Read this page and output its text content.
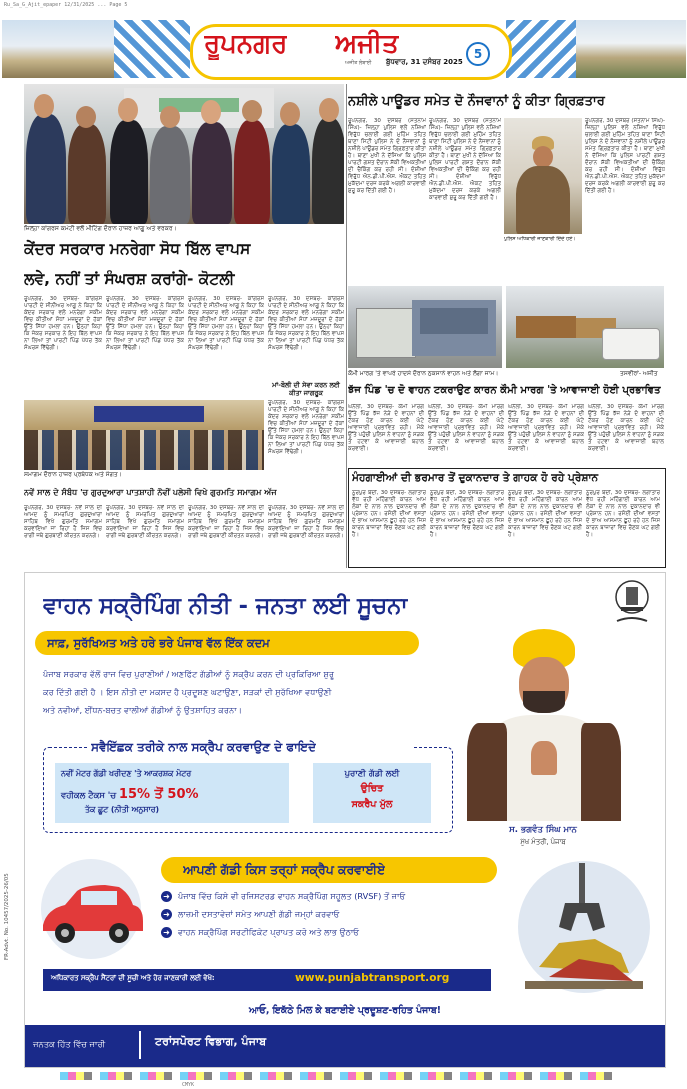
Ru_Sa_G_Ajit_epaper 12/31/2025 ... Page 5
ਰੂਪਨਗਰ ਅਜੀਤ
ਅਜੀਤ ਲੰਬਾਈ ਬੁੱਧਵਾਰ, 31 ਦਸੰਬਰ 2025
5
ਜ਼ਿਲ੍ਹਾ ਕਾਂਗਰਸ ਕਮੇਟੀ ਵਲੋਂ ਮੀਟਿੰਗ ਦੌਰਾਨ ਹਾਜ਼ਰ ਆਗੂ ਅਤੇ ਵਰਕਰ।
ਕੇਂਦਰ ਸਰਕਾਰ ਮਨਰੇਗਾ ਸੋਧ ਬਿੱਲ ਵਾਪਸ
ਲਵੇ, ਨਹੀਂ ਤਾਂ ਸੰਘਰਸ਼ ਕਰਾਂਗੇ- ਕੋਟਲੀ
ਰੂਪਨਗਰ, 30 ਦਸੰਬਰ- ਕਾਂਗਰਸ ਪਾਰਟੀ ਦੇ ਸੀਨੀਅਰ ਆਗੂ ਨੇ ਕਿਹਾ ਕਿ ਕੇਂਦਰ ਸਰਕਾਰ ਵਲੋਂ ਮਨਰੇਗਾ ਸਕੀਮ ਵਿਚ ਕੀਤੀਆਂ ਸੋਧਾਂ ਮਜ਼ਦੂਰਾਂ ਦੇ ਹੱਕਾਂ ਉੱਤੇ ਸਿੱਧਾ ਹਮਲਾ ਹਨ। ਉਨ੍ਹਾਂ ਕਿਹਾ ਕਿ ਜੇਕਰ ਸਰਕਾਰ ਨੇ ਇਹ ਬਿੱਲ ਵਾਪਸ ਨਾ ਲਿਆ ਤਾਂ ਪਾਰਟੀ ਪਿੰਡ ਪੱਧਰ ਤੱਕ ਸੰਘਰਸ਼ ਵਿੱਢੇਗੀ।
ਰੂਪਨਗਰ, 30 ਦਸੰਬਰ- ਕਾਂਗਰਸ ਪਾਰਟੀ ਦੇ ਸੀਨੀਅਰ ਆਗੂ ਨੇ ਕਿਹਾ ਕਿ ਕੇਂਦਰ ਸਰਕਾਰ ਵਲੋਂ ਮਨਰੇਗਾ ਸਕੀਮ ਵਿਚ ਕੀਤੀਆਂ ਸੋਧਾਂ ਮਜ਼ਦੂਰਾਂ ਦੇ ਹੱਕਾਂ ਉੱਤੇ ਸਿੱਧਾ ਹਮਲਾ ਹਨ। ਉਨ੍ਹਾਂ ਕਿਹਾ ਕਿ ਜੇਕਰ ਸਰਕਾਰ ਨੇ ਇਹ ਬਿੱਲ ਵਾਪਸ ਨਾ ਲਿਆ ਤਾਂ ਪਾਰਟੀ ਪਿੰਡ ਪੱਧਰ ਤੱਕ ਸੰਘਰਸ਼ ਵਿੱਢੇਗੀ।
ਰੂਪਨਗਰ, 30 ਦਸੰਬਰ- ਕਾਂਗਰਸ ਪਾਰਟੀ ਦੇ ਸੀਨੀਅਰ ਆਗੂ ਨੇ ਕਿਹਾ ਕਿ ਕੇਂਦਰ ਸਰਕਾਰ ਵਲੋਂ ਮਨਰੇਗਾ ਸਕੀਮ ਵਿਚ ਕੀਤੀਆਂ ਸੋਧਾਂ ਮਜ਼ਦੂਰਾਂ ਦੇ ਹੱਕਾਂ ਉੱਤੇ ਸਿੱਧਾ ਹਮਲਾ ਹਨ। ਉਨ੍ਹਾਂ ਕਿਹਾ ਕਿ ਜੇਕਰ ਸਰਕਾਰ ਨੇ ਇਹ ਬਿੱਲ ਵਾਪਸ ਨਾ ਲਿਆ ਤਾਂ ਪਾਰਟੀ ਪਿੰਡ ਪੱਧਰ ਤੱਕ ਸੰਘਰਸ਼ ਵਿੱਢੇਗੀ।
ਰੂਪਨਗਰ, 30 ਦਸੰਬਰ- ਕਾਂਗਰਸ ਪਾਰਟੀ ਦੇ ਸੀਨੀਅਰ ਆਗੂ ਨੇ ਕਿਹਾ ਕਿ ਕੇਂਦਰ ਸਰਕਾਰ ਵਲੋਂ ਮਨਰੇਗਾ ਸਕੀਮ ਵਿਚ ਕੀਤੀਆਂ ਸੋਧਾਂ ਮਜ਼ਦੂਰਾਂ ਦੇ ਹੱਕਾਂ ਉੱਤੇ ਸਿੱਧਾ ਹਮਲਾ ਹਨ। ਉਨ੍ਹਾਂ ਕਿਹਾ ਕਿ ਜੇਕਰ ਸਰਕਾਰ ਨੇ ਇਹ ਬਿੱਲ ਵਾਪਸ ਨਾ ਲਿਆ ਤਾਂ ਪਾਰਟੀ ਪਿੰਡ ਪੱਧਰ ਤੱਕ ਸੰਘਰਸ਼ ਵਿੱਢੇਗੀ।
ਮਾਂ-ਬੋਲੀ ਦੀ ਸੇਵਾ ਕਰਨ ਲਈ ਕੀਤਾ ਜਾਗਰੂਕ
ਰੂਪਨਗਰ, 30 ਦਸੰਬਰ- ਕਾਂਗਰਸ ਪਾਰਟੀ ਦੇ ਸੀਨੀਅਰ ਆਗੂ ਨੇ ਕਿਹਾ ਕਿ ਕੇਂਦਰ ਸਰਕਾਰ ਵਲੋਂ ਮਨਰੇਗਾ ਸਕੀਮ ਵਿਚ ਕੀਤੀਆਂ ਸੋਧਾਂ ਮਜ਼ਦੂਰਾਂ ਦੇ ਹੱਕਾਂ ਉੱਤੇ ਸਿੱਧਾ ਹਮਲਾ ਹਨ। ਉਨ੍ਹਾਂ ਕਿਹਾ ਕਿ ਜੇਕਰ ਸਰਕਾਰ ਨੇ ਇਹ ਬਿੱਲ ਵਾਪਸ ਨਾ ਲਿਆ ਤਾਂ ਪਾਰਟੀ ਪਿੰਡ ਪੱਧਰ ਤੱਕ ਸੰਘਰਸ਼ ਵਿੱਢੇਗੀ।
ਸਮਾਗਮ ਦੌਰਾਨ ਹਾਜ਼ਰ ਪ੍ਰਬੰਧਕ ਅਤੇ ਸੰਗਤ।
ਨਵੇਂ ਸਾਲ ਦੇ ਸੰਬੰਧ 'ਚ ਗੁਰਦੁਆਰਾ ਪਾਤਸ਼ਾਹੀ ਨੌਵੀਂ ਪਲੇਸੀ ਵਿਖੇ ਗੁਰਮਤਿ ਸਮਾਗਮ ਅੱਜ
ਰੂਪਨਗਰ, 30 ਦਸੰਬਰ- ਨਵੇਂ ਸਾਲ ਦੀ ਆਮਦ ਨੂੰ ਸਮਰਪਿਤ ਗੁਰਦੁਆਰਾ ਸਾਹਿਬ ਵਿਖੇ ਗੁਰਮਤਿ ਸਮਾਗਮ ਕਰਵਾਇਆ ਜਾ ਰਿਹਾ ਹੈ ਜਿਸ ਵਿਚ ਰਾਗੀ ਜਥੇ ਗੁਰਬਾਣੀ ਕੀਰਤਨ ਕਰਨਗੇ।
ਰੂਪਨਗਰ, 30 ਦਸੰਬਰ- ਨਵੇਂ ਸਾਲ ਦੀ ਆਮਦ ਨੂੰ ਸਮਰਪਿਤ ਗੁਰਦੁਆਰਾ ਸਾਹਿਬ ਵਿਖੇ ਗੁਰਮਤਿ ਸਮਾਗਮ ਕਰਵਾਇਆ ਜਾ ਰਿਹਾ ਹੈ ਜਿਸ ਵਿਚ ਰਾਗੀ ਜਥੇ ਗੁਰਬਾਣੀ ਕੀਰਤਨ ਕਰਨਗੇ।
ਰੂਪਨਗਰ, 30 ਦਸੰਬਰ- ਨਵੇਂ ਸਾਲ ਦੀ ਆਮਦ ਨੂੰ ਸਮਰਪਿਤ ਗੁਰਦੁਆਰਾ ਸਾਹਿਬ ਵਿਖੇ ਗੁਰਮਤਿ ਸਮਾਗਮ ਕਰਵਾਇਆ ਜਾ ਰਿਹਾ ਹੈ ਜਿਸ ਵਿਚ ਰਾਗੀ ਜਥੇ ਗੁਰਬਾਣੀ ਕੀਰਤਨ ਕਰਨਗੇ।
ਰੂਪਨਗਰ, 30 ਦਸੰਬਰ- ਨਵੇਂ ਸਾਲ ਦੀ ਆਮਦ ਨੂੰ ਸਮਰਪਿਤ ਗੁਰਦੁਆਰਾ ਸਾਹਿਬ ਵਿਖੇ ਗੁਰਮਤਿ ਸਮਾਗਮ ਕਰਵਾਇਆ ਜਾ ਰਿਹਾ ਹੈ ਜਿਸ ਵਿਚ ਰਾਗੀ ਜਥੇ ਗੁਰਬਾਣੀ ਕੀਰਤਨ ਕਰਨਗੇ।
ਨਸ਼ੀਲੇ ਪਾਊਡਰ ਸਮੇਤ ਦੋ ਨੌਜਵਾਨਾਂ ਨੂੰ ਕੀਤਾ ਗ੍ਰਿਫ਼ਤਾਰ
ਰੂਪਨਗਰ, 30 ਦਸੰਬਰ (ਸਤਨਾਮ ਸਿੰਘ)- ਜ਼ਿਲ੍ਹਾ ਪੁਲਿਸ ਵਲੋਂ ਨਸ਼ਿਆਂ ਵਿਰੁੱਧ ਚਲਾਈ ਗਈ ਮੁਹਿੰਮ ਤਹਿਤ ਥਾਣਾ ਸਿਟੀ ਪੁਲਿਸ ਨੇ ਦੋ ਨੌਜਵਾਨਾਂ ਨੂੰ ਨਸ਼ੀਲੇ ਪਾਊਡਰ ਸਮੇਤ ਗ੍ਰਿਫ਼ਤਾਰ ਕੀਤਾ ਹੈ। ਥਾਣਾ ਮੁਖੀ ਨੇ ਦੱਸਿਆ ਕਿ ਪੁਲਿਸ ਪਾਰਟੀ ਗਸ਼ਤ ਦੌਰਾਨ ਸ਼ੱਕੀ ਵਿਅਕਤੀਆਂ ਦੀ ਚੈਕਿੰਗ ਕਰ ਰਹੀ ਸੀ। ਦੋਸ਼ੀਆਂ ਵਿਰੁੱਧ ਐਨ.ਡੀ.ਪੀ.ਐਸ. ਐਕਟ ਤਹਿਤ ਮੁਕੱਦਮਾ ਦਰਜ ਕਰਕੇ ਅਗਲੀ ਕਾਰਵਾਈ ਸ਼ੁਰੂ ਕਰ ਦਿੱਤੀ ਗਈ ਹੈ।
ਰੂਪਨਗਰ, 30 ਦਸੰਬਰ (ਸਤਨਾਮ ਸਿੰਘ)- ਜ਼ਿਲ੍ਹਾ ਪੁਲਿਸ ਵਲੋਂ ਨਸ਼ਿਆਂ ਵਿਰੁੱਧ ਚਲਾਈ ਗਈ ਮੁਹਿੰਮ ਤਹਿਤ ਥਾਣਾ ਸਿਟੀ ਪੁਲਿਸ ਨੇ ਦੋ ਨੌਜਵਾਨਾਂ ਨੂੰ ਨਸ਼ੀਲੇ ਪਾਊਡਰ ਸਮੇਤ ਗ੍ਰਿਫ਼ਤਾਰ ਕੀਤਾ ਹੈ। ਥਾਣਾ ਮੁਖੀ ਨੇ ਦੱਸਿਆ ਕਿ ਪੁਲਿਸ ਪਾਰਟੀ ਗਸ਼ਤ ਦੌਰਾਨ ਸ਼ੱਕੀ ਵਿਅਕਤੀਆਂ ਦੀ ਚੈਕਿੰਗ ਕਰ ਰਹੀ ਸੀ। ਦੋਸ਼ੀਆਂ ਵਿਰੁੱਧ ਐਨ.ਡੀ.ਪੀ.ਐਸ. ਐਕਟ ਤਹਿਤ ਮੁਕੱਦਮਾ ਦਰਜ ਕਰਕੇ ਅਗਲੀ ਕਾਰਵਾਈ ਸ਼ੁਰੂ ਕਰ ਦਿੱਤੀ ਗਈ ਹੈ।
ਪੁਲਿਸ ਅਧਿਕਾਰੀ ਜਾਣਕਾਰੀ ਦਿੰਦੇ ਹੋਏ।
ਰੂਪਨਗਰ, 30 ਦਸੰਬਰ (ਸਤਨਾਮ ਸਿੰਘ)- ਜ਼ਿਲ੍ਹਾ ਪੁਲਿਸ ਵਲੋਂ ਨਸ਼ਿਆਂ ਵਿਰੁੱਧ ਚਲਾਈ ਗਈ ਮੁਹਿੰਮ ਤਹਿਤ ਥਾਣਾ ਸਿਟੀ ਪੁਲਿਸ ਨੇ ਦੋ ਨੌਜਵਾਨਾਂ ਨੂੰ ਨਸ਼ੀਲੇ ਪਾਊਡਰ ਸਮੇਤ ਗ੍ਰਿਫ਼ਤਾਰ ਕੀਤਾ ਹੈ। ਥਾਣਾ ਮੁਖੀ ਨੇ ਦੱਸਿਆ ਕਿ ਪੁਲਿਸ ਪਾਰਟੀ ਗਸ਼ਤ ਦੌਰਾਨ ਸ਼ੱਕੀ ਵਿਅਕਤੀਆਂ ਦੀ ਚੈਕਿੰਗ ਕਰ ਰਹੀ ਸੀ। ਦੋਸ਼ੀਆਂ ਵਿਰੁੱਧ ਐਨ.ਡੀ.ਪੀ.ਐਸ. ਐਕਟ ਤਹਿਤ ਮੁਕੱਦਮਾ ਦਰਜ ਕਰਕੇ ਅਗਲੀ ਕਾਰਵਾਈ ਸ਼ੁਰੂ ਕਰ ਦਿੱਤੀ ਗਈ ਹੈ।
ਕੌਮੀ ਮਾਰਗ 'ਤੇ ਵਾਪਰੇ ਹਾਦਸੇ ਦੌਰਾਨ ਨੁਕਸਾਨੇ ਵਾਹਨ ਅਤੇ ਲੱਗਾ ਜਾਮ।	ਤਸਵੀਰਾਂ- ਅਜੀਤ
ਝੱਜ ਪਿੰਡ 'ਚ ਦੋ ਵਾਹਨ ਟਕਰਾਉਣ ਕਾਰਨ ਕੌਮੀ ਮਾਰਗ 'ਤੇ ਆਵਾਜਾਈ ਹੋਈ ਪ੍ਰਭਾਵਿਤ
ਘਨੌਲੀ, 30 ਦਸੰਬਰ- ਕੌਮੀ ਮਾਰਗ ਉੱਤੇ ਪਿੰਡ ਝੱਜ ਨੇੜੇ ਦੋ ਵਾਹਨਾਂ ਦੀ ਟੱਕਰ ਹੋਣ ਕਾਰਨ ਕਈ ਘੰਟੇ ਆਵਾਜਾਈ ਪ੍ਰਭਾਵਿਤ ਰਹੀ। ਮੌਕੇ ਉੱਤੇ ਪਹੁੰਚੀ ਪੁਲਿਸ ਨੇ ਵਾਹਨਾਂ ਨੂੰ ਸੜਕ ਤੋਂ ਹਟਵਾ ਕੇ ਆਵਾਜਾਈ ਬਹਾਲ ਕਰਵਾਈ।
ਘਨੌਲੀ, 30 ਦਸੰਬਰ- ਕੌਮੀ ਮਾਰਗ ਉੱਤੇ ਪਿੰਡ ਝੱਜ ਨੇੜੇ ਦੋ ਵਾਹਨਾਂ ਦੀ ਟੱਕਰ ਹੋਣ ਕਾਰਨ ਕਈ ਘੰਟੇ ਆਵਾਜਾਈ ਪ੍ਰਭਾਵਿਤ ਰਹੀ। ਮੌਕੇ ਉੱਤੇ ਪਹੁੰਚੀ ਪੁਲਿਸ ਨੇ ਵਾਹਨਾਂ ਨੂੰ ਸੜਕ ਤੋਂ ਹਟਵਾ ਕੇ ਆਵਾਜਾਈ ਬਹਾਲ ਕਰਵਾਈ।
ਘਨੌਲੀ, 30 ਦਸੰਬਰ- ਕੌਮੀ ਮਾਰਗ ਉੱਤੇ ਪਿੰਡ ਝੱਜ ਨੇੜੇ ਦੋ ਵਾਹਨਾਂ ਦੀ ਟੱਕਰ ਹੋਣ ਕਾਰਨ ਕਈ ਘੰਟੇ ਆਵਾਜਾਈ ਪ੍ਰਭਾਵਿਤ ਰਹੀ। ਮੌਕੇ ਉੱਤੇ ਪਹੁੰਚੀ ਪੁਲਿਸ ਨੇ ਵਾਹਨਾਂ ਨੂੰ ਸੜਕ ਤੋਂ ਹਟਵਾ ਕੇ ਆਵਾਜਾਈ ਬਹਾਲ ਕਰਵਾਈ।
ਘਨੌਲੀ, 30 ਦਸੰਬਰ- ਕੌਮੀ ਮਾਰਗ ਉੱਤੇ ਪਿੰਡ ਝੱਜ ਨੇੜੇ ਦੋ ਵਾਹਨਾਂ ਦੀ ਟੱਕਰ ਹੋਣ ਕਾਰਨ ਕਈ ਘੰਟੇ ਆਵਾਜਾਈ ਪ੍ਰਭਾਵਿਤ ਰਹੀ। ਮੌਕੇ ਉੱਤੇ ਪਹੁੰਚੀ ਪੁਲਿਸ ਨੇ ਵਾਹਨਾਂ ਨੂੰ ਸੜਕ ਤੋਂ ਹਟਵਾ ਕੇ ਆਵਾਜਾਈ ਬਹਾਲ ਕਰਵਾਈ।
ਮੰਹਗਾਈਆਂ ਦੀ ਭਰਮਾਰ ਤੋਂ ਦੁਕਾਨਦਾਰ ਤੇ ਗਾਹਕ ਹੋ ਰਹੇ ਪ੍ਰੇਸ਼ਾਨ
ਨੂਰਪੁਰ ਬੇਦੀ, 30 ਦਸੰਬਰ- ਲਗਾਤਾਰ ਵੱਧ ਰਹੀ ਮਹਿੰਗਾਈ ਕਾਰਨ ਆਮ ਲੋਕਾਂ ਦੇ ਨਾਲ ਨਾਲ ਦੁਕਾਨਦਾਰ ਵੀ ਪ੍ਰੇਸ਼ਾਨ ਹਨ। ਰਸੋਈ ਦੀਆਂ ਵਸਤਾਂ ਦੇ ਭਾਅ ਆਸਮਾਨ ਛੂਹ ਰਹੇ ਹਨ ਜਿਸ ਕਾਰਨ ਬਾਜ਼ਾਰਾਂ ਵਿਚ ਰੌਣਕ ਘਟ ਗਈ ਹੈ।
ਨੂਰਪੁਰ ਬੇਦੀ, 30 ਦਸੰਬਰ- ਲਗਾਤਾਰ ਵੱਧ ਰਹੀ ਮਹਿੰਗਾਈ ਕਾਰਨ ਆਮ ਲੋਕਾਂ ਦੇ ਨਾਲ ਨਾਲ ਦੁਕਾਨਦਾਰ ਵੀ ਪ੍ਰੇਸ਼ਾਨ ਹਨ। ਰਸੋਈ ਦੀਆਂ ਵਸਤਾਂ ਦੇ ਭਾਅ ਆਸਮਾਨ ਛੂਹ ਰਹੇ ਹਨ ਜਿਸ ਕਾਰਨ ਬਾਜ਼ਾਰਾਂ ਵਿਚ ਰੌਣਕ ਘਟ ਗਈ ਹੈ।
ਨੂਰਪੁਰ ਬੇਦੀ, 30 ਦਸੰਬਰ- ਲਗਾਤਾਰ ਵੱਧ ਰਹੀ ਮਹਿੰਗਾਈ ਕਾਰਨ ਆਮ ਲੋਕਾਂ ਦੇ ਨਾਲ ਨਾਲ ਦੁਕਾਨਦਾਰ ਵੀ ਪ੍ਰੇਸ਼ਾਨ ਹਨ। ਰਸੋਈ ਦੀਆਂ ਵਸਤਾਂ ਦੇ ਭਾਅ ਆਸਮਾਨ ਛੂਹ ਰਹੇ ਹਨ ਜਿਸ ਕਾਰਨ ਬਾਜ਼ਾਰਾਂ ਵਿਚ ਰੌਣਕ ਘਟ ਗਈ ਹੈ।
ਨੂਰਪੁਰ ਬੇਦੀ, 30 ਦਸੰਬਰ- ਲਗਾਤਾਰ ਵੱਧ ਰਹੀ ਮਹਿੰਗਾਈ ਕਾਰਨ ਆਮ ਲੋਕਾਂ ਦੇ ਨਾਲ ਨਾਲ ਦੁਕਾਨਦਾਰ ਵੀ ਪ੍ਰੇਸ਼ਾਨ ਹਨ। ਰਸੋਈ ਦੀਆਂ ਵਸਤਾਂ ਦੇ ਭਾਅ ਆਸਮਾਨ ਛੂਹ ਰਹੇ ਹਨ ਜਿਸ ਕਾਰਨ ਬਾਜ਼ਾਰਾਂ ਵਿਚ ਰੌਣਕ ਘਟ ਗਈ ਹੈ।
ਵਾਹਨ ਸਕ੍ਰੈਪਿੰਗ ਨੀਤੀ - ਜਨਤਾ ਲਈ ਸੂਚਨਾ
ਸਾਫ਼, ਸੁਰੱਖਿਅਤ ਅਤੇ ਹਰੇ ਭਰੇ ਪੰਜਾਬ ਵੱਲ ਇੱਕ ਕਦਮ
ਪੰਜਾਬ ਸਰਕਾਰ ਵੱਲੋਂ ਰਾਜ ਵਿਚ ਪੁਰਾਣੀਆਂ / ਅਣਫਿੱਟ ਗੱਡੀਆਂ ਨੂੰ ਸਕ੍ਰੈਪ ਕਰਨ ਦੀ ਪ੍ਰਕਿਰਿਆ ਸ਼ੁਰੂ
ਕਰ ਦਿੱਤੀ ਗਈ ਹੈ । ਇਸ ਨੀਤੀ ਦਾ ਮਕਸਦ ਹੈ ਪ੍ਰਦੂਸ਼ਣ ਘਟਾਉਣਾ, ਸੜਕਾਂ ਦੀ ਸੁਰੱਖਿਆ ਵਧਾਉਣੀ
ਅਤੇ ਨਵੀਆਂ, ਈਂਧਨ-ਬਚਤ ਵਾਲੀਆਂ ਗੱਡੀਆਂ ਨੂੰ ਉਤਸ਼ਾਹਿਤ ਕਰਨਾ।
ਸਵੈਇੱਛਕ ਤਰੀਕੇ ਨਾਲ ਸਕ੍ਰੈਪ ਕਰਵਾਉਣ ਦੇ ਫਾਇਦੇ
ਨਵੀਂ ਮੋਟਰ ਗੱਡੀ ਖਰੀਦਣ 'ਤੇ ਆਕਰਸ਼ਕ ਮੋਟਰ
ਵਹੀਕਲ ਟੈਕਸ 'ਚ 15% ਤੋਂ 50%
ਤੱਕ ਛੂਟ (ਨੀਤੀ ਅਨੁਸਾਰ)
ਪੁਰਾਣੀ ਗੱਡੀ ਲਈ
ਉਚਿਤ
ਸਕਰੈਪ ਮੁੱਲ
ਸ. ਭਗਵੰਤ ਸਿੰਘ ਮਾਨ
ਮੁੱਖ ਮੰਤਰੀ, ਪੰਜਾਬ
ਆਪਣੀ ਗੱਡੀ ਕਿਸ ਤਰ੍ਹਾਂ ਸਕ੍ਰੈਪ ਕਰਵਾਈਏ
➜ ਪੰਜਾਬ ਵਿੱਚ ਕਿਸੇ ਵੀ ਰਜਿਸਟਰਡ ਵਾਹਨ ਸਕ੍ਰੈਪਿੰਗ ਸਹੂਲਤ (RVSF) ਤੋਂ ਜਾਓ
➜ ਲਾਜ਼ਮੀ ਦਸਤਾਵੇਜ਼ਾਂ ਸਮੇਤ ਆਪਣੀ ਗੱਡੀ ਜਮ੍ਹਾਂ ਕਰਵਾਓ
➜ ਵਾਹਨ ਸਕ੍ਰੈਪਿੰਗ ਸਰਟੀਫਿਕੇਟ ਪ੍ਰਾਪਤ ਕਰੋ ਅਤੇ ਲਾਭ ਉਠਾਓ
ਅਧਿਕਾਰਤ ਸਕ੍ਰੈਪ ਸੈਂਟਰਾਂ ਦੀ ਸੂਚੀ ਅਤੇ ਹੋਰ ਜਾਣਕਾਰੀ ਲਈ ਵੇਖੋ:	www.punjabtransport.org
ਆਓ, ਇਕੱਠੇ ਮਿਲ ਕੇ ਬਣਾਈਏ ਪ੍ਰਦੂਸ਼ਣ-ਰਹਿਤ ਪੰਜਾਬ!
ਜਨਤਕ ਹਿੱਤ ਵਿੱਚ ਜਾਰੀ	ਟਰਾਂਸਪੋਰਟ ਵਿਭਾਗ, ਪੰਜਾਬ
FR-Advt. No. 10457/2025-26/05
CMYK
